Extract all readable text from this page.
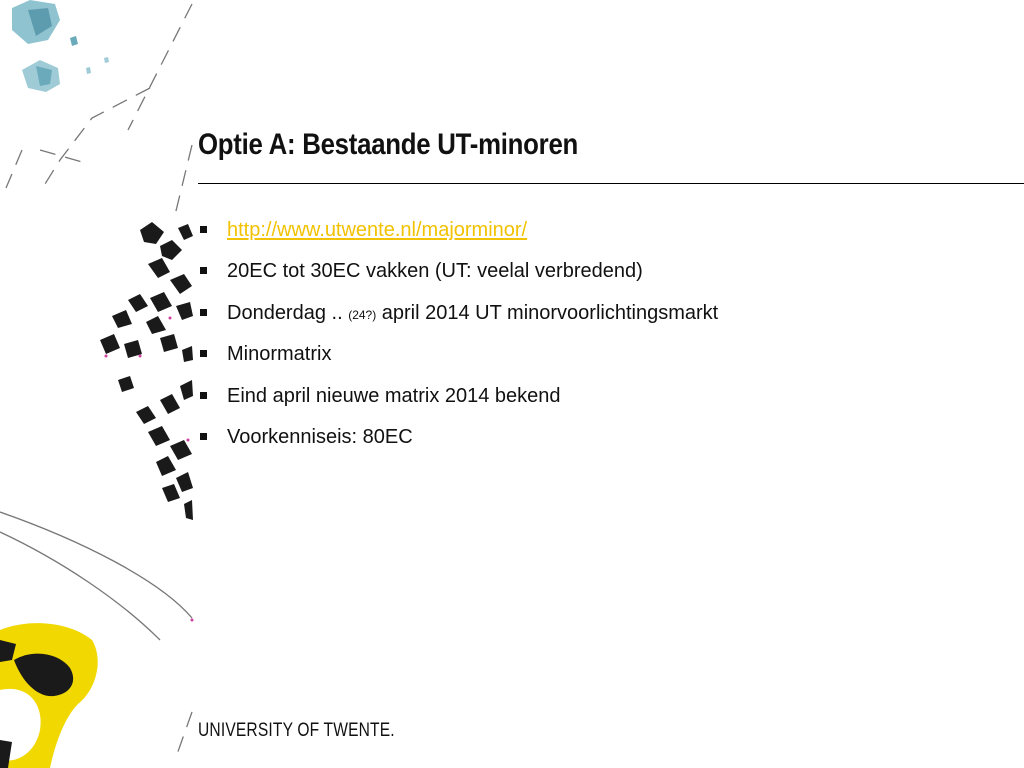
Optie A: Bestaande UT-minoren
http://www.utwente.nl/majorminor/
20EC tot 30EC vakken (UT: veelal verbredend)
Donderdag .. (24?) april 2014 UT minorvoorlichtingsmarkt
Minormatrix
Eind april nieuwe matrix 2014 bekend
Voorkenniseis: 80EC
UNIVERSITY OF TWENTE.
